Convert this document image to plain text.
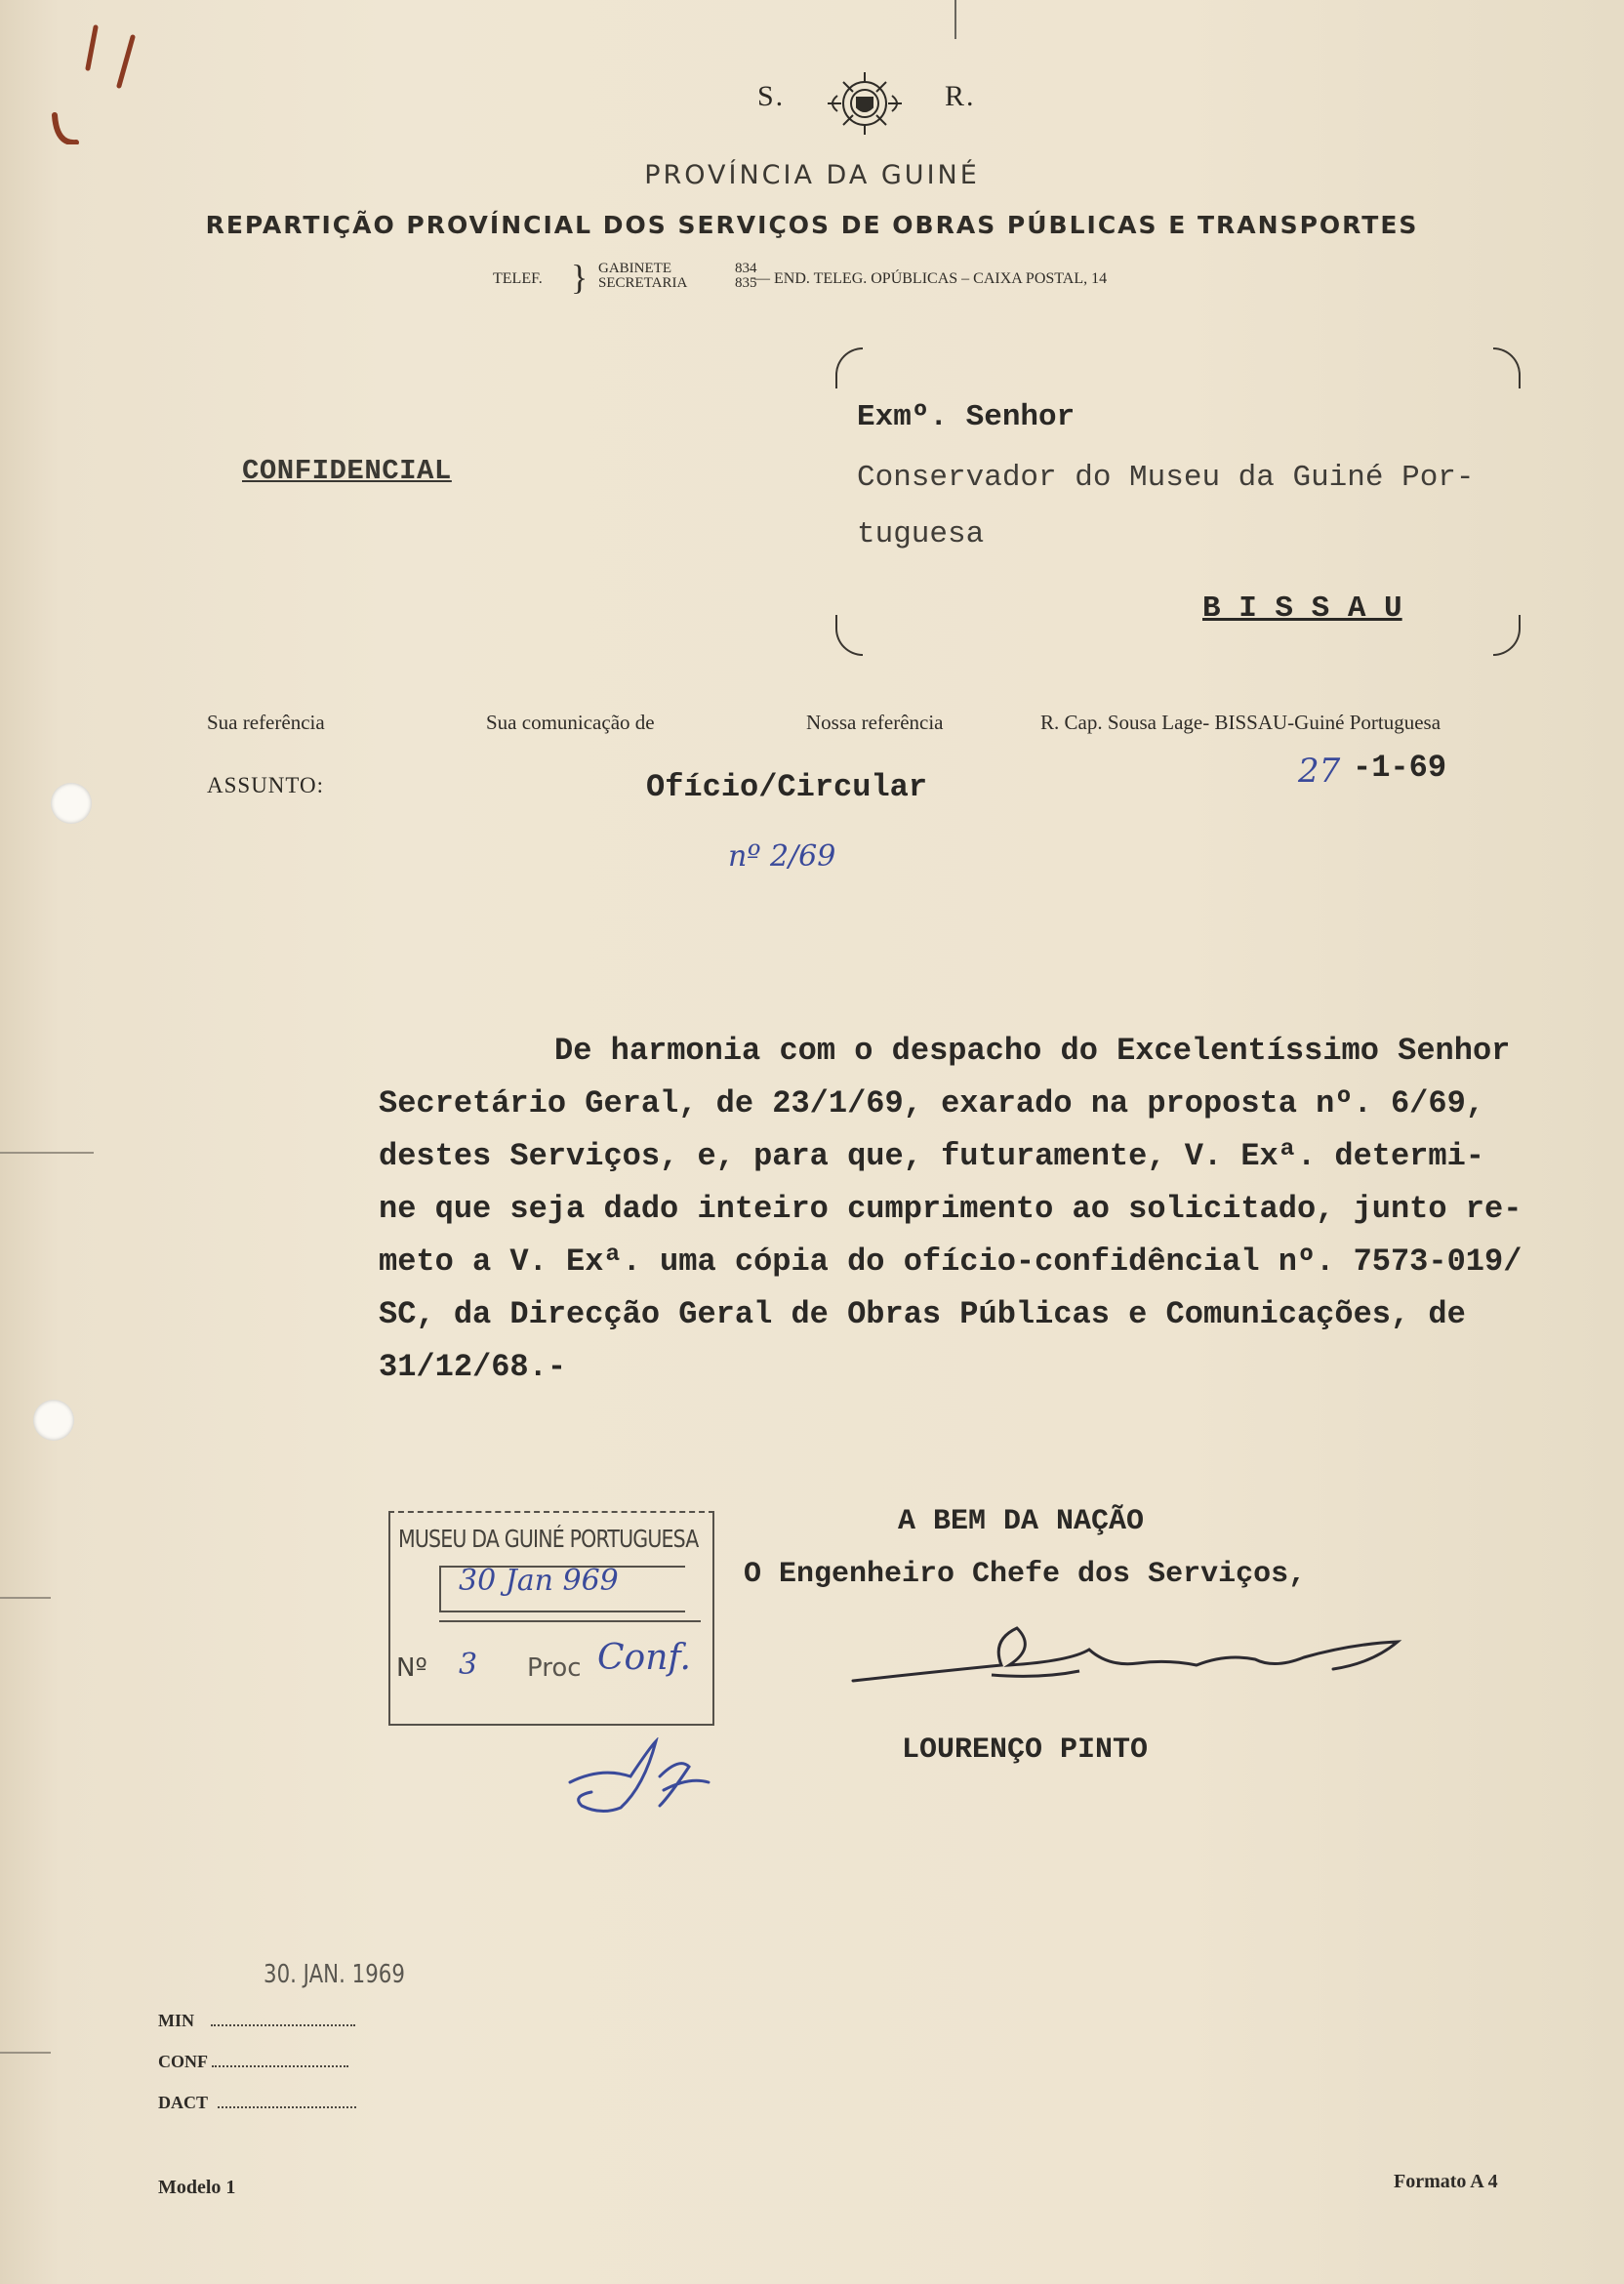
S.	R.
PROVÍNCIA DA GUINÉ
REPARTIÇÃO PROVÍNCIAL DOS SERVIÇOS DE OBRAS PÚBLICAS E TRANSPORTES
TELEF. } GABINETE	834
SECRETARIA	835
— END. TELEG. OPÚBLICAS – CAIXA POSTAL, 14
CONFIDENCIAL
Exmº. Senhor
Conservador do Museu da Guiné Por-
tuguesa
B I S S A U
Sua referência	Sua comunicação de	Nossa referência	R. Cap. Sousa Lage- BISSAU-Guiné Portuguesa
ASSUNTO:	Ofício/Circular
nº 2/69
27 -1-69

De harmonia com o despacho do Excelentíssimo Senhor

Secretário Geral, de 23/1/69, exarado na proposta nº. 6/69,

destes Serviços, e, para que, futuramente, V. Exª. determi-

ne que seja dado inteiro cumprimento ao solicitado, junto re-

meto a V. Exª. uma cópia do ofício-confidêncial nº. 7573-019/

SC, da Direcção Geral de Obras Públicas e Comunicações, de

31/12/68.-

A BEM DA NAÇÃO
O Engenheiro Chefe dos Serviços,
LOURENÇO PINTO
MUSEU DA GUINÉ PORTUGUESA
30 Jan 969
Nº 3 Proc Conf.
30. JAN. 1969
MIN
CONF
DACT
Modelo 1	Formato A 4
